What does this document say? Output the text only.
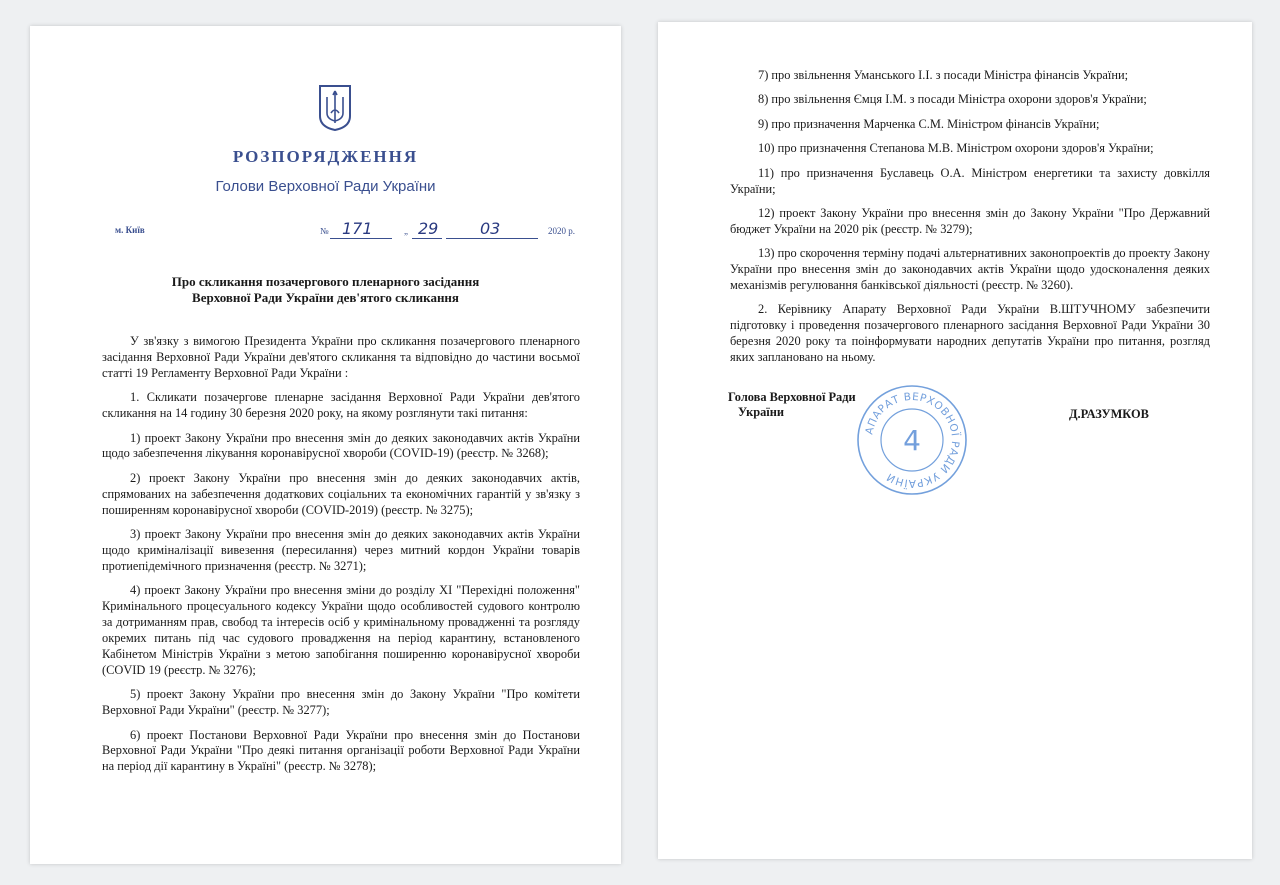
РОЗПОРЯДЖЕННЯ
Голови Верховної Ради України
м. Київ	№ 171	„ 29	03	2020 р.
Про скликання позачергового пленарного засідання
Верховної Ради України дев'ятого скликання

У зв'язку з вимогою Президента України про скликання позачергового пленарного засідання Верховної Ради України дев'ятого скликання та відповідно до частини восьмої статті 19 Регламенту Верховної Ради України :

1. Скликати позачергове пленарне засідання Верховної Ради України дев'ятого скликання на 14 годину 30 березня 2020 року, на якому розглянути такі питання:

1) проект Закону України про внесення змін до деяких законодавчих актів України щодо забезпечення лікування коронавірусної хвороби (COVID-19) (реєстр. № 3268);

2) проект Закону України про внесення змін до деяких законодавчих актів, спрямованих на забезпечення додаткових соціальних та економічних гарантій у зв'язку з поширенням коронавірусної хвороби (COVID-2019) (реєстр. № 3275);

3) проект Закону України про внесення змін до деяких законодавчих актів України щодо криміналізації вивезення (пересилання) через митний кордон України товарів протиепідемічного призначення (реєстр. № 3271);

4) проект Закону України про внесення зміни до розділу XI "Перехідні положення" Кримінального процесуального кодексу України щодо особливостей судового контролю за дотриманням прав, свобод та інтересів осіб у кримінальному провадженні та розгляду окремих питань під час судового провадження на період карантину, встановленого Кабінетом Міністрів України з метою запобігання поширенню коронавірусної хвороби (COVID 19 (реєстр. № 3276);

5) проект Закону України про внесення змін до Закону України "Про комітети Верховної Ради України" (реєстр. № 3277);

6) проект Постанови Верховної Ради України про внесення змін до Постанови Верховної Ради України "Про деякі питання організації роботи Верховної Ради України на період дії карантину в Україні" (реєстр. № 3278);

7) про звільнення Уманського І.І. з посади Міністра фінансів України;

8) про звільнення Ємця І.М. з посади Міністра охорони здоров'я України;

9) про призначення Марченка С.М. Міністром фінансів України;

10) про призначення Степанова М.В. Міністром охорони здоров'я України;

11) про призначення Буславець О.А. Міністром енергетики та захисту довкілля України;

12) проект Закону України про внесення змін до Закону України "Про Державний бюджет України на 2020 рік (реєстр. № 3279);

13) про скорочення терміну подачі альтернативних законопроектів до проекту Закону України про внесення змін до законодавчих актів України щодо удосконалення деяких механізмів регулювання банківської діяльності (реєстр. № 3260).

2. Керівнику Апарату Верховної Ради України В.ШТУЧНОМУ забезпечити підготовку і проведення позачергового пленарного засідання Верховної Ради України 30 березня 2020 року та поінформувати народних депутатів України про питання, розгляд яких заплановано на ньому.

Голова Верховної Ради
України
АПАРАТ ВЕРХОВНОЇ РАДИ УКРАЇНИ
4
Д.РАЗУМКОВ
